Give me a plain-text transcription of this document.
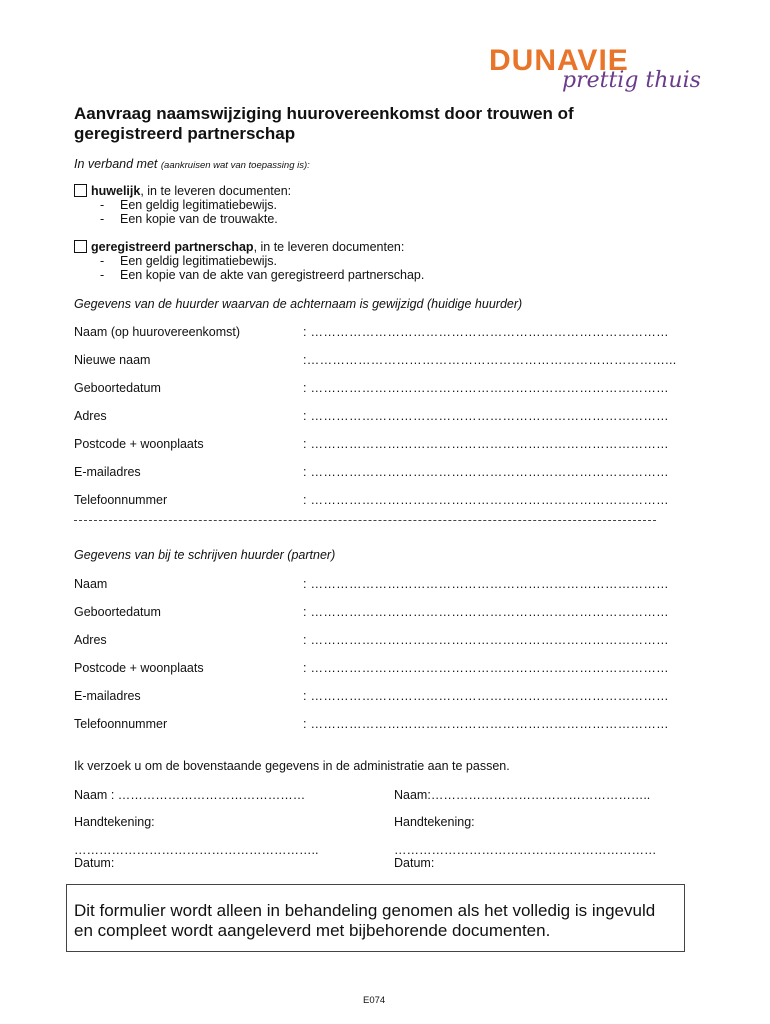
DUNAVIE
prettig thuis
Aanvraag naamswijziging huurovereenkomst door trouwen of geregistreerd partnerschap
In verband met (aankruisen wat van toepassing is):
huwelijk, in te leveren documenten:
- Een geldig legitimatiebewijs.
- Een kopie van de trouwakte.
geregistreerd partnerschap, in te leveren documenten:
- Een geldig legitimatiebewijs.
- Een kopie van de akte van geregistreerd partnerschap.
Gegevens van de huurder waarvan de achternaam is gewijzigd (huidige huurder)
Naam (op huurovereenkomst)	: …………………………………………………………………………
Nieuwe naam	:…………………………………………………………………………...
Geboortedatum	: …………………………………………………………………………
Adres	: …………………………………………………………………………
Postcode + woonplaats	: …………………………………………………………………………
E-mailadres	: …………………………………………………………………………
Telefoonnummer	: …………………………………………………………………………
Gegevens van bij te schrijven huurder (partner)
Naam	: …………………………………………………………………………
Geboortedatum	: …………………………………………………………………………
Adres	: …………………………………………………………………………
Postcode + woonplaats	: …………………………………………………………………………
E-mailadres	: …………………………………………………………………………
Telefoonnummer	: …………………………………………………………………………
Ik verzoek u om de bovenstaande gegevens in de administratie aan te passen.
Naam : ………………………………………
Handtekening:
…………………………………………………..
Datum:
Naam:……………………………………………..
Handtekening:
………………………………………………………
Datum:
Dit formulier wordt alleen in behandeling genomen als het volledig is ingevuld en compleet wordt aangeleverd met bijbehorende documenten.
E074
